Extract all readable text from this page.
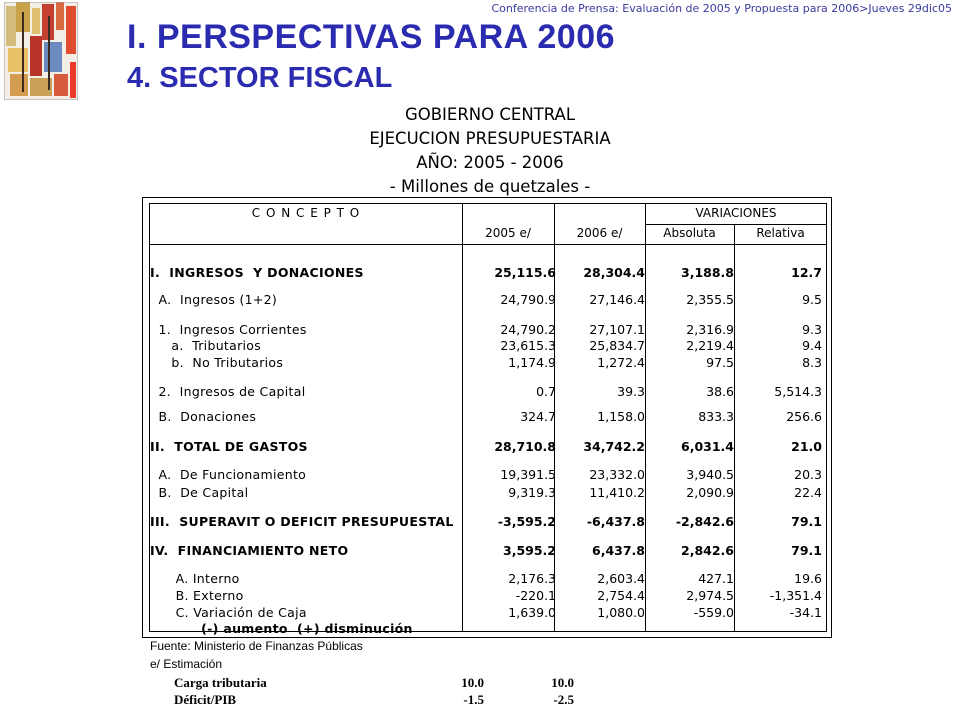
Conferencia de Prensa: Evaluación de 2005 y Propuesta para 2006>Jueves 29dic05
I. PERSPECTIVAS PARA 2006
4. SECTOR FISCAL
GOBIERNO CENTRAL
EJECUCION PRESUPUESTARIA
AÑO: 2005 - 2006
- Millones de quetzales -
C O N C E P T O	VARIACIONES
2005 e/	2006 e/	Absoluta	Relativa
I.  INGRESOS  Y DONACIONES	25,115.6 28,304.4	3,188.8	12.7
A.  Ingresos (1+2)	24,790.9	27,146.4	2,355.5	9.5
1.  Ingresos Corrientes	24,790.2	27,107.1	2,316.9	9.3
a.  Tributarios	23,615.3	25,834.7	2,219.4	9.4
b.  No Tributarios	1,174.9	1,272.4	97.5	8.3
2.  Ingresos de Capital	0.7	39.3	38.6	5,514.3
B.  Donaciones	324.7	1,158.0	833.3	256.6
II.  TOTAL DE GASTOS	28,710.8 34,742.2	6,031.4	21.0
A.  De Funcionamiento	19,391.5	23,332.0	3,940.5	20.3
B.  De Capital	9,319.3	11,410.2	2,090.9	22.4
III.  SUPERAVIT O DEFICIT PRESUPUESTAL	-3,595.2 -6,437.8 -2,842.6	79.1
IV.  FINANCIAMIENTO NETO	3,595.2	6,437.8	2,842.6	79.1
A. Interno	2,176.3	2,603.4	427.1	19.6
B. Externo	-220.1	2,754.4	2,974.5	-1,351.4
C. Variación de Caja	1,639.0	1,080.0	-559.0	-34.1
(-) aumento  (+) disminución
Fuente: Ministerio de Finanzas Públicas
e/ Estimación
Carga tributaria	10.0	10.0
Déficit/PIB	-1.5	-2.5
